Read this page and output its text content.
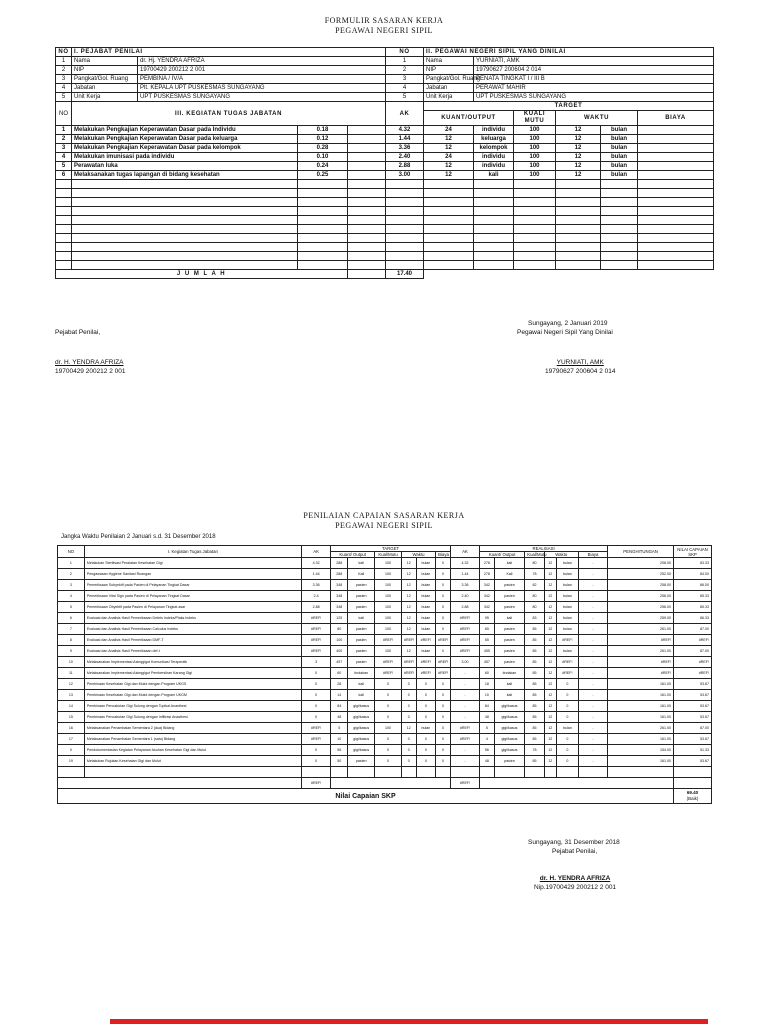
FORMULIR SASARAN KERJA
PEGAWAI NEGERI SIPIL
NO	I. PEJABAT PENILAI				NO	II. PEGAWAI NEGERI SIPIL YANG DINILAI					
1	Nama	dr. Hj. YENDRA AFRIZA			1	Nama	YURNIATI, AMK				
2	NIP	19700429 200212 2 001			2	NIP	19790627 200604 2 014				
3	Pangkat/Gol. Ruang	PEMBINA / IV/A			3	Pangkat/Gol. Ruang	PENATA TINGKAT I / III B				
4	Jabatan	Plt. KEPALA UPT PUSKESMAS SUNGAYANG			4	Jabatan	PERAWAT MAHIR				
5	Unit Kerja	UPT PUSKESMAS SUNGAYANG			5	Unit Kerja	UPT PUSKESMAS SUNGAYANG				
NO	III. KEGIATAN TUGAS JABATAN				AK	TARGET					
						KUANT/OUTPUT		KUALI MUTU	WAKTU		BIAYA
1	Melakukan Pengkajian Keperawatan Dasar pada Individu		0.18		4.32	24	individu	100	12	bulan	
2	Melakukan Pengkajian Keperawatan Dasar pada keluarga		0.12		1.44	12	keluarga	100	12	bulan	
3	Melakukan Pengkajian Keperawatan Dasar pada kelompok		0.28		3.36	12	kelompok	100	12	bulan	
4	Melakukan imunisasi pada individu		0.10		2.40	24	individu	100	12	bulan	
5	Perawatan luka		0.24		2.88	12	individu	100	12	bulan	
6	Melaksanakan tugas lapangan di bidang kesehatan		0.25		3.00	12	kali	100	12	bulan	

J U M L A H					17.40						
Sungayang, 2 Januari 2019
Pejabat Penilai,	Pegawai Negeri Sipil Yang Dinilai
dr. H. YENDRA AFRIZA
19700429 200212 2 001
YURNIATI, AMK
19790627 200604 2 014
PENILAIAN CAPAIAN SASARAN KERJA
PEGAWAI NEGERI SIPIL
Jangka Waktu Penilaian 2 Januari s.d. 31 Desember 2018
NO	I. Kegiatan Tugas Jabatan	AK	TARGET						AK	REALISASI						PENGHITUNGAN	NILAI CAPAIAN SKP
			Kuant/ Output		Kual/Mutu	Waktu		Biaya		Kuant/ Output		Kual/Mutu	Waktu		Biaya		
1	Melakukan Sterilisasi Peralatan Kesehatan Gigi	4.32	288	kali	100	12	bulan	0	4.32	278	kali	80	12	bulan	-	208.00	83.33
2	Pengawasan Hygiene Sanitasi Ruangan	1.44	288	Kali	100	12	bulan	0	1.44	278	Kali	78	12	bulan	-	252.00	84.00
3	Pemeriksaan Subyektif pada Pasien di Pelayanan Tingkat Dasar	3.36	348	pasien	100	12	bulan	0	3.36	342	pasien	82	12	bulan	-	258.00	86.00
4	Pemeriksaan Vital Sign pada Pasien di Pelayanan Tingkat Dasar	2.4	348	pasien	100	12	bulan	0	2.40	342	pasien	80	12	bulan	-	256.00	85.33
5	Pemeriksaan Obyektif pada Pasien di Pelayanan Tingkat asar	2.88	348	pasien	100	12	bulan	0	2.88	342	pasien	80	12	bulan	-	256.00	85.33
6	Evaluasi dan Analisis Hasil Pemeriksaan Debris Indeks/Plaks Indeks	#REF!	125	kali	100	12	bulan	0	#REF!	95	kali	83	12	bulan	-	259.00	86.33
7	Evaluasi dan Analisis Hasil Pemeriksaan Calculus Indeks	#REF!	80	pasien	100	12	bulan	0	#REF!	65	pasien	85	12	bulan	-	261.00	87.00
8	Evaluasi dan Analisis Hasil Pemeriksaan DMF-T	#REF!	100	pasien	#REF!	#REF!	#REF!	#REF!	#REF!	65	pasien	85	12	#REF!	-	#REF!	#REF!
9	Evaluasi dan Analisis Hasil Pemeriksaan def-t	#REF!	400	pasien	100	12	bulan	0	#REF!	455	pasien	85	12	bulan	-	261.00	87.00
10	Melaksanakan Implementasi Asleqgigut Komunikasi Terapeutik	3	457	pasien	#REF!	#REF!	#REF!	#REF!	3.00	457	pasien	85	12	#REF!	-	#REF!	#REF!
11	Melaksanakan Implementasi Asleqgigut Pembersihan Karang Gigi	0	60	tindakan	#REF!	#REF!	#REF!	#REF!	-	60	tindakan	85	12	#REF!	-	#REF!	#REF!
12	Pembinaan Kesehatan Gigi dan Mulut dengan Program UKGS	0	28	kali	0	0	0	0	-	18	kali	85	12	0	-	161.00	53.67
13	Pembinaan Kesehatan Gigi dan Mulut dengan Program UKGM	0	14	kali	0	0	0	0	-	10	kali	85	12	0	-	161.00	53.67
14	Pembinaan Pencabutan Gigi Sulung dengan Topikal Anasthesi	0	84	gigi/kasus	0	0	0	0	-	84	gigi/kasus	85	12	0	-	161.00	53.67
15	Pembinaan Pencabutan Gigi Sulung dengan Infiltrasi Anasthesi	0	48	gigi/kasus	0	0	0	0	-	48	gigi/kasus	85	12	0	-	161.00	53.67
16	Melaksanakan Penambalan Sementara 2 (dua) Bidang	#REF!	5	gigi/kasus	100	12	bulan	0	#REF!	5	gigi/kasus	85	12	bulan	-	261.00	87.00
17	Melaksanakan Penambalan Sementara 1 (satu) Bidang	#REF!	10	gigi/kasus	0	0	0	0	#REF!	4	gigi/kasus	85	12	0	-	161.00	53.67
0	Pendokumentasian Kegiatan Pelayanan Asuhan Kesehatan Gigi dan Mulut	0	56	gigi/kasus	0	0	0	0	-	56	gigi/kasus	78	12	0	-	154.00	51.33
19	Melakukan Rujukan Kesehatan Gigi dan Mulut	0	50	pasien	0	0	0	0	-	48	pasien	85	12	0	-	161.00	53.67

		#REF!							#REF!								
Nilai Capaian SKP																	69.40
(Baik)
Sungayang, 31 Desember 2018
Pejabat Penilai,
dr. H. YENDRA AFRIZA
Nip.19700429 200212 2 001
